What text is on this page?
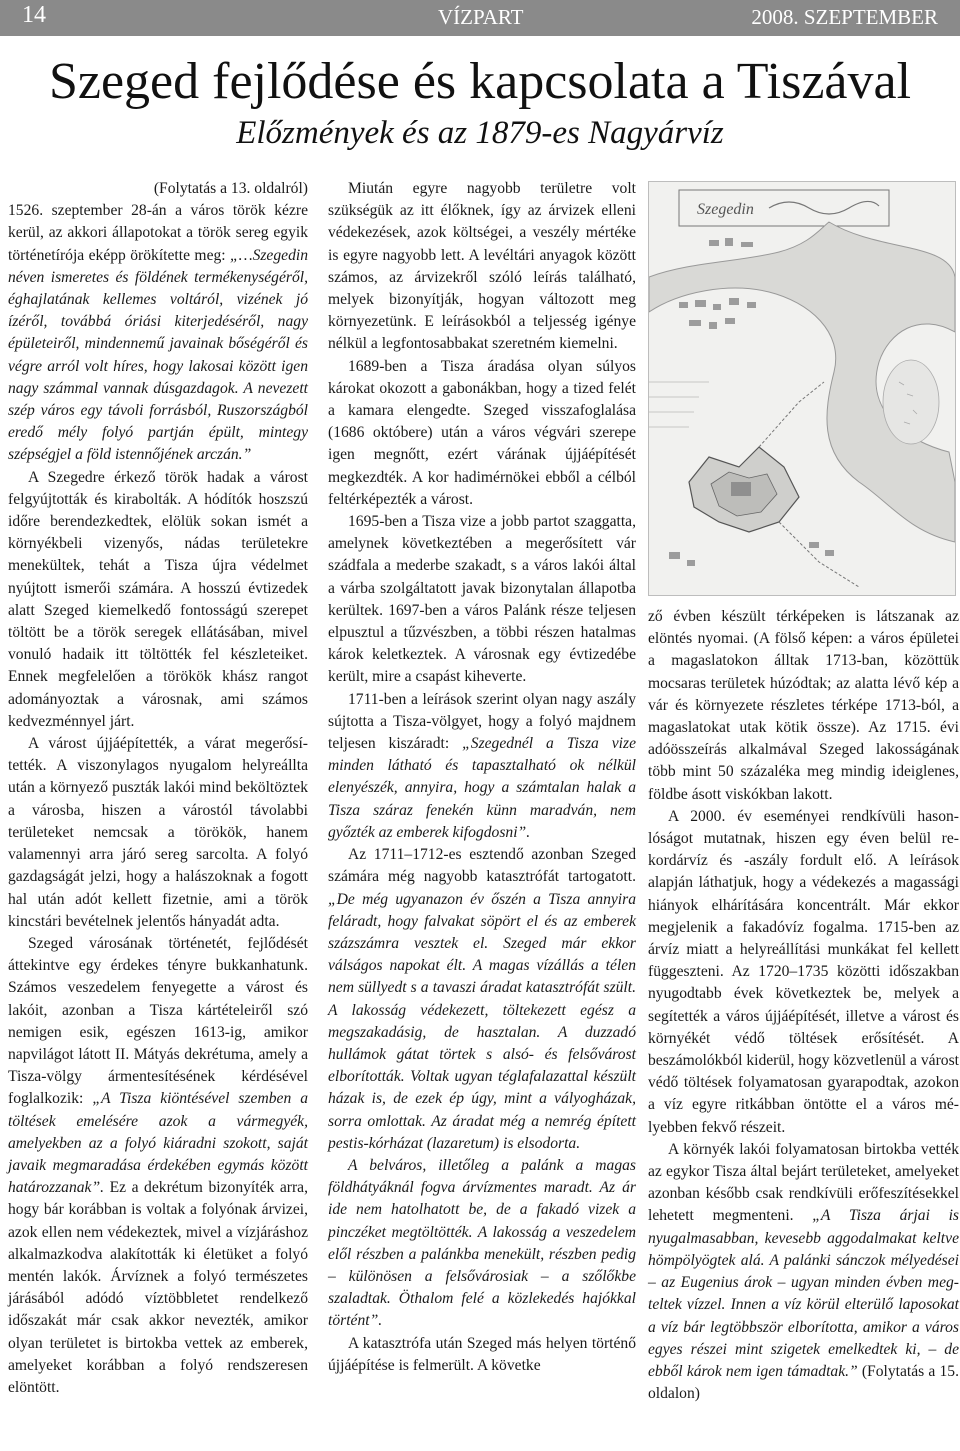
14	VÍZPART	2008. SZEPTEMBER
Szeged fejlődése és kapcsolata a Tiszával
Előzmények és az 1879-es Nagyárvíz

(Folytatás a 13. oldalról)

1526. szeptember 28-án a város török kézre kerül, az akkori állapotokat a török sereg egyik történetírója eképp örökítette meg: „…Szegedin néven ismeretes és földének termékenységéről, éghajlatának kellemes voltáról, vizének jó ízéről, továbbá óriási kiterjedéséről, nagy épületeiről, mindennemű javainak bőségéről és végre arról volt híres, hogy lakosai között igen nagy számmal vannak dúsgazdagok. A nevezett szép város egy távoli forrásból, Ruszországból eredő mély folyó partján épült, mintegy szépségjel a föld istennőjének arczán.”

A Szegedre érkező török hadak a várost felgyújtották és kirabolták. A hódítók hoszszú időre berendezkedtek, elölük sokan ismét a környékbeli vizenyős, nádas területekre menekültek, tehát a Tisza újra védelmet nyújtott ismerői számára. A hosszú évtizedek alatt Szeged kiemelkedő fontosságú szerepet töltött be a török seregek ellátásában, mivel vonuló hadaik itt töltötték fel készleteiket. Ennek megfelelően a törökök khász rangot adományoztak a városnak, ami számos kedvezménnyel járt.

A várost újjáépítették, a várat megerősítették. A viszonylagos nyugalom helyreállta után a környező puszták lakói mind beköltöztek a városba, hiszen a várostól távolabbi területeket nemcsak a törökök, hanem valamennyi arra járó sereg sarcolta. A folyó gazdagságát jelzi, hogy a halászoknak a fogott hal után adót kellett fizetnie, ami a török kincstári bevételnek jelentős hányadát adta.

Szeged városának történetét, fejlődését áttekintve egy érdekes tényre bukkanhatunk. Számos veszedelem fenyegette a várost és lakóit, azonban a Tisza kártételeiről szó nemigen esik, egészen 1613-ig, amikor napvilágot látott II. Mátyás dekrétuma, amely a Tisza-völgy ármentesítésének kérdésével foglalkozik: „A Tisza kiöntésével szemben a töltések emelésére azok a vármegyék, amelyekben az a folyó kiáradni szokott, saját javaik megmaradása érdekében egymás között határozzanak”. Ez a dekrétum bizonyíték arra, hogy bár korábban is voltak a folyónak árvizei, azok ellen nem védekeztek, mivel a vízjáráshoz alkalmazkodva alakították ki életüket a folyó mentén lakók. Árvíznek a folyó természetes járásából adódó víztöbbletet rendelkező időszakát már csak akkor nevezték, amikor olyan területet is birtokba vettek az emberek, amelyeket korábban a folyó rendszeresen elöntött.

Miután egyre nagyobb területre volt szükségük az itt élőknek, így az árvizek elleni védekezések, azok költségei, a veszély mértéke is egyre nagyobb lett. A levéltári anyagok között számos, az árvizekről szóló leírás található, melyek bizonyítják, hogyan változott meg környezetünk. E leírásokból a teljesség igénye nélkül a legfontosabbakat szeretném kiemelni.

1689-ben a Tisza áradása olyan súlyos károkat okozott a gabonákban, hogy a tized felét a kamara elengedte. Szeged visszafoglalása (1686 októbere) után a város végvári szerepe igen megnőtt, ezért várának újjáépítését megkezdték. A kor hadimérnökei ebből a célból feltérképezték a várost.

1695-ben a Tisza vize a jobb partot szaggatta, amelynek következtében a megerősített vár szádfala a mederbe szakadt, s a város lakói által a várba szolgáltatott javak bizonytalan állapotba kerültek. 1697-ben a város Palánk része teljesen elpusztul a tűzvészben, a többi részen hatalmas károk keletkeztek. A városnak egy évtizedébe került, mire a csapást kiheverte.

1711-ben a leírások szerint olyan nagy aszály sújtotta a Tisza-völgyet, hogy a folyó majdnem teljesen kiszáradt: „Szegednél a Tisza vize minden látható és tapasztalható ok nélkül elenyészék, annyira, hogy a számtalan halak a Tisza száraz fenekén künn maradván, nem győzték az emberek kifogdosni”.

Az 1711–1712-es esztendő azonban Szeged számára még nagyobb katasztrófát tartogatott. „De még ugyanazon év őszén a Tisza annyira feláradt, hogy falvakat söpört el és az emberek százszámra vesztek el. Szeged már ekkor válságos napokat élt. A magas vízállás a télen nem süllyedt s a tavaszi áradat katasztrófát szült. A lakosság védekezett, töltekezett egész a megszakadásig, de hasztalan. A duzzadó hullámok gátat törtek s alsó- és felsővárost elborították. Voltak ugyan téglafalazattal készült házak is, de ezek ép úgy, mint a vályogházak, sorra omlottak. Az áradat még a nemrég épített pestis-kórházat (lazaretum) is elsodorta.

A belváros, illetőleg a palánk a magas földhátyáknál fogva árvízmentes maradt. Az ár ide nem hatolhatott be, de a fakadó vizek a pinczéket megtöltötték. A lakosság a veszedelem elől részben a palánkba menekült, részben pedig – különösen a felsővárosiak – a szőlőkbe szaladtak. Öthalom felé a közlekedés hajókkal történt”.

A katasztrófa után Szeged más helyen történő újjáépítése is felmerült. A követke

Szegedin

ző évben készült térképeken is látszanak az elöntés nyomai. (A fölső képen: a város épületei a magaslatokon álltak 1713-ban, közöttük mocsaras területek húzódtak; az alatta lévő kép a vár és környezete részletes térképe 1713-ból, a magaslatokat utak kötik össze). Az 1715. évi adóösszeírás alkalmával Szeged lakosságának több mint 50 százaléka meg mindig ideiglenes, földbe ásott viskókban lakott.

A 2000. év eseményei rendkívüli hasonlóságot mutatnak, hiszen egy éven belül rekordárvíz és -aszály fordult elő. A leírások alapján láthatjuk, hogy a védekezés a magassági hiányok elhárítására koncentrált. Már ekkor megjelenik a fakadóvíz fogalma. 1715-ben az árvíz miatt a helyreállítási munkákat fel kellett függeszteni. Az 1720–1735 közötti időszakban nyugodtabb évek következtek be, melyek a segítették a város újjáépítését, illetve a várost és környékét védő töltések erősítését. A beszámolókból kiderül, hogy közvetlenül a várost védő töltések folyamatosan gyarapodtak, azokon a víz egyre ritkábban öntötte el a város mélyebben fekvő részeit.

A környék lakói folyamatosan birtokba vették az egykor Tisza által bejárt területeket, amelyeket azonban később csak rendkívüli erőfeszítésekkel lehetett megmenteni. „A Tisza árjai is nyugalmasabban, kevesebb aggodalmakat keltve hömpölyögtek alá. A palánki sánczok mélyedései – az Eugenius árok – ugyan minden évben megteltek vízzel. Innen a víz körül elterülő laposokat a víz bár legtöbbször elborította, amikor a város egyes részei mint szigetek emelkedtek ki, – de ebből károk nem igen támadtak.” (Folytatás a 15. oldalon)
